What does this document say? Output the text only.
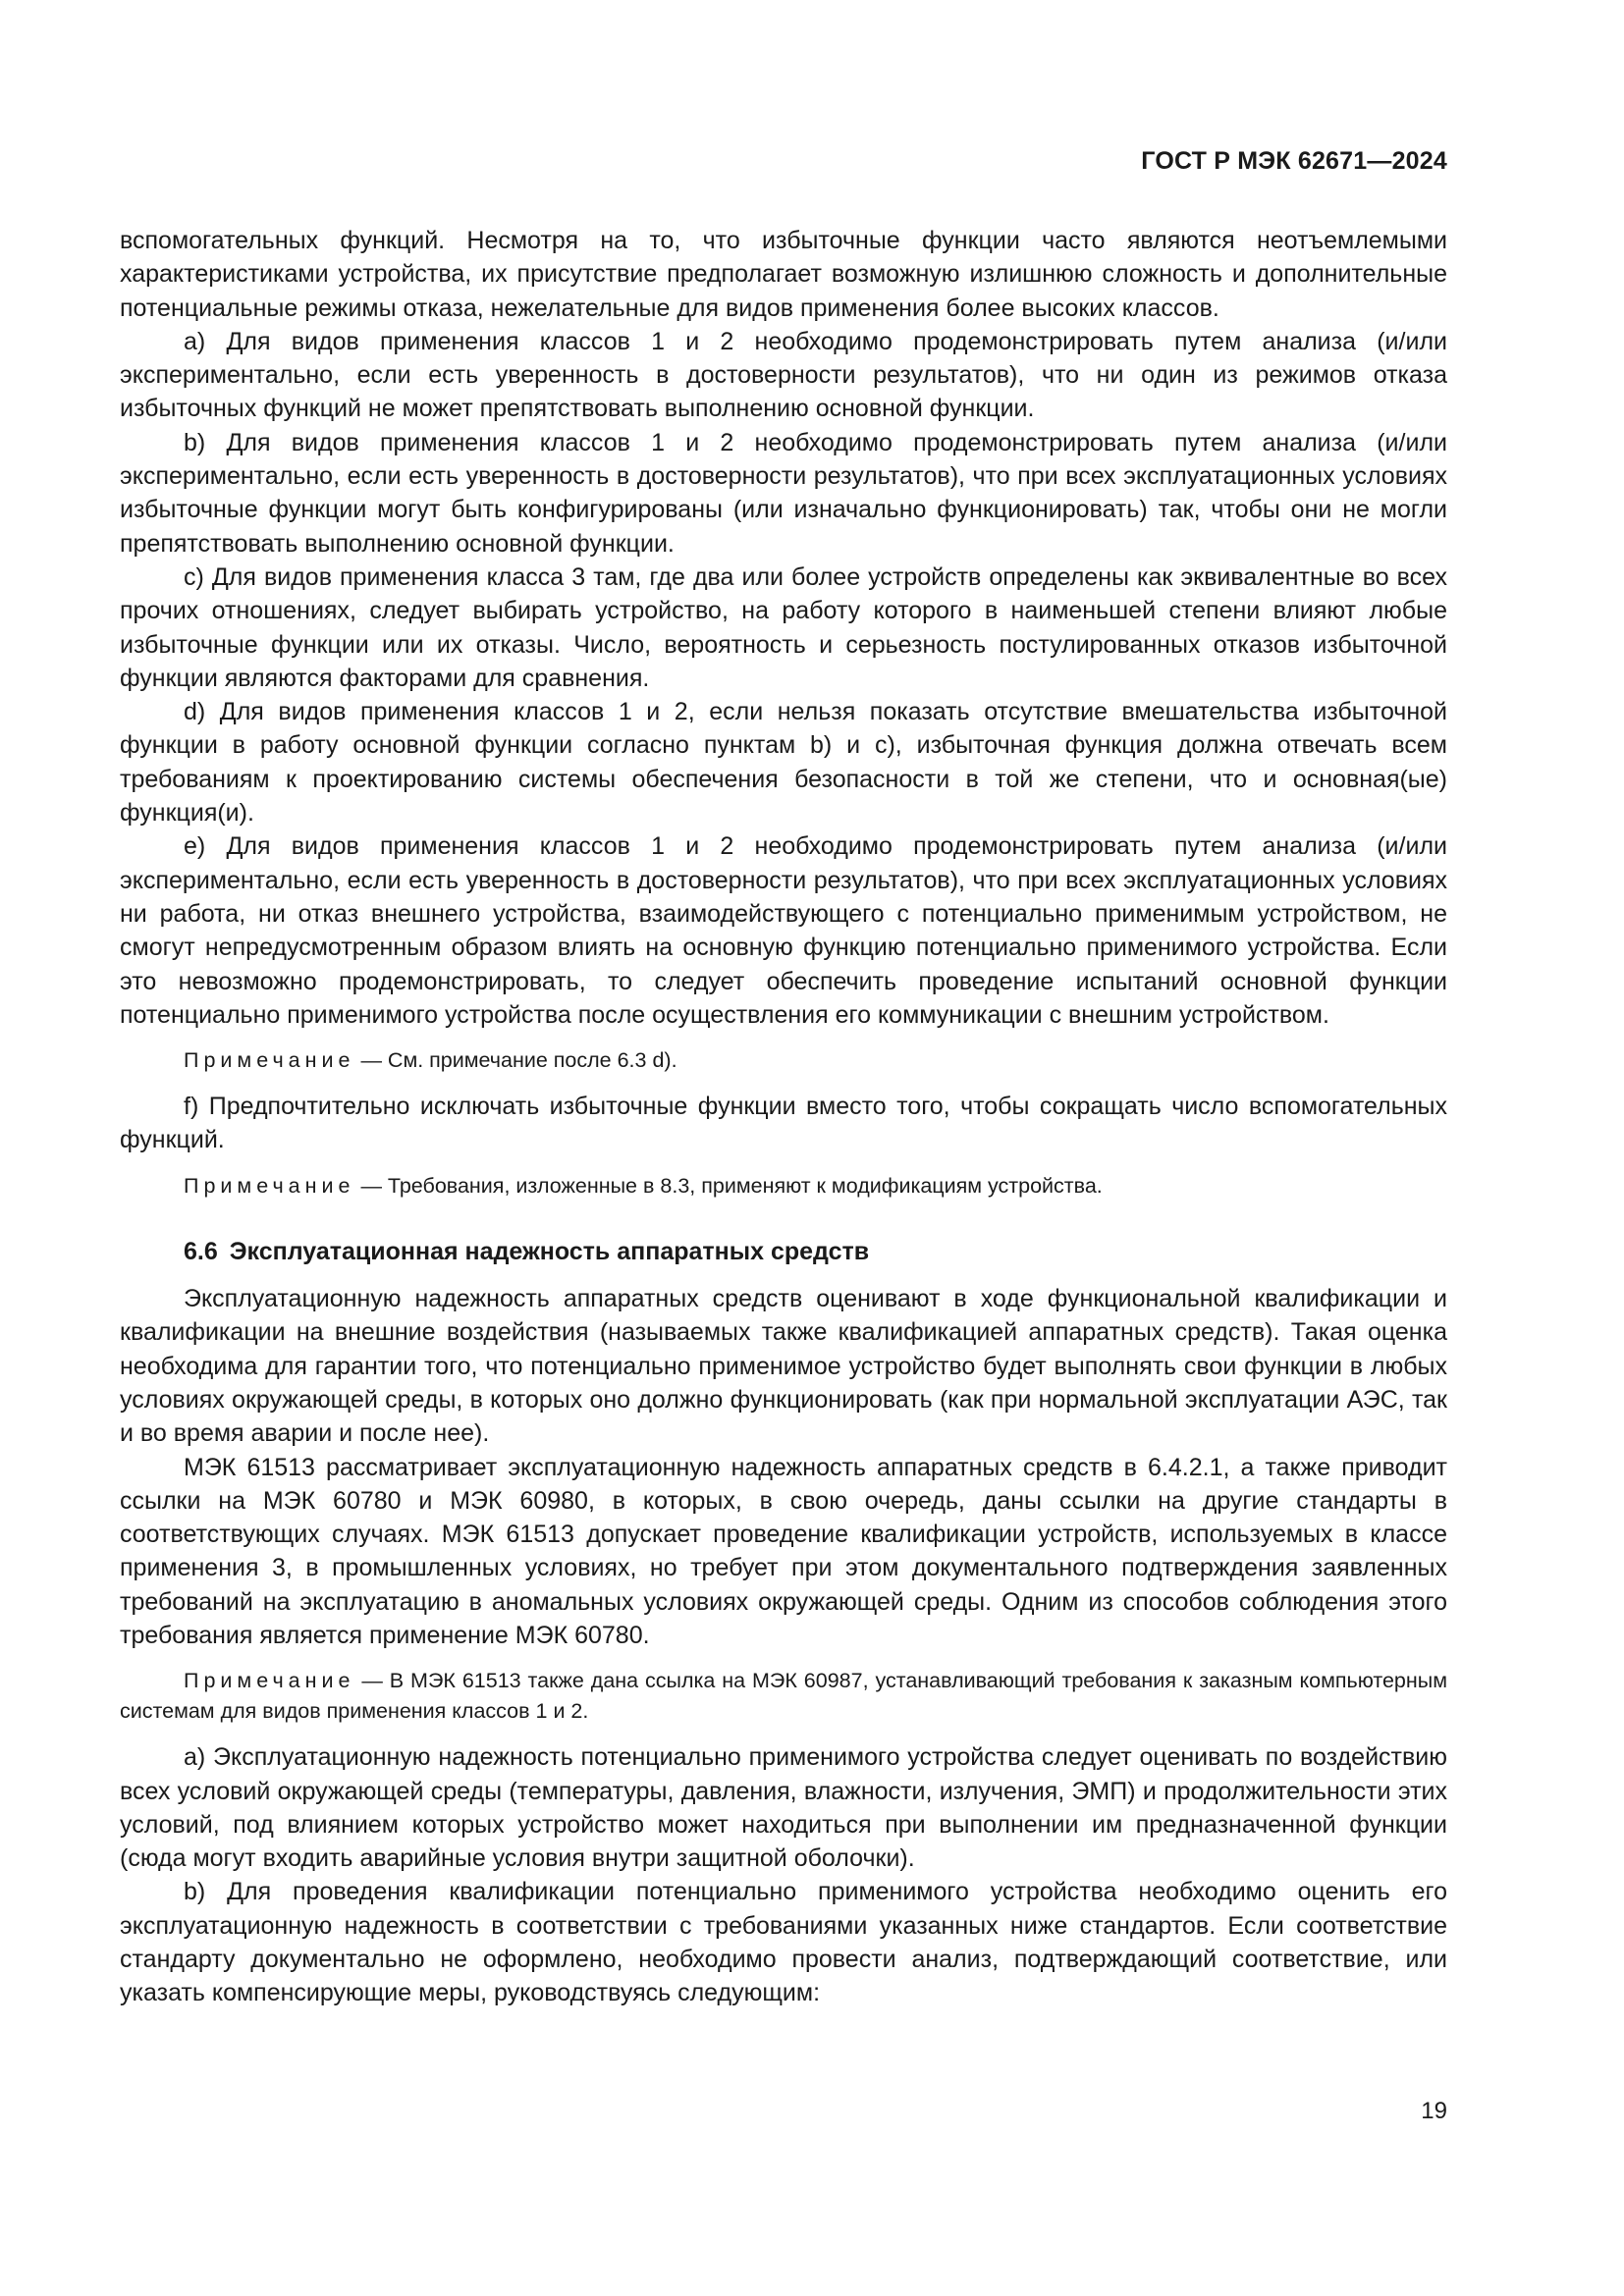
ГОСТ Р МЭК 62671—2024

вспомогательных функций. Несмотря на то, что избыточные функции часто являются неотъемлемыми характеристиками устройства, их присутствие предполагает возможную излишнюю сложность и дополнительные потенциальные режимы отказа, нежелательные для видов применения более высоких классов.

a) Для видов применения классов 1 и 2 необходимо продемонстрировать путем анализа (и/или экспериментально, если есть уверенность в достоверности результатов), что ни один из режимов отказа избыточных функций не может препятствовать выполнению основной функции.

b) Для видов применения классов 1 и 2 необходимо продемонстрировать путем анализа (и/или экспериментально, если есть уверенность в достоверности результатов), что при всех эксплуатационных условиях избыточные функции могут быть конфигурированы (или изначально функционировать) так, чтобы они не могли препятствовать выполнению основной функции.

c) Для видов применения класса 3 там, где два или более устройств определены как эквивалентные во всех прочих отношениях, следует выбирать устройство, на работу которого в наименьшей степени влияют любые избыточные функции или их отказы. Число, вероятность и серьезность постулированных отказов избыточной функции являются факторами для сравнения.

d) Для видов применения классов 1 и 2, если нельзя показать отсутствие вмешательства избыточной функции в работу основной функции согласно пунктам b) и c), избыточная функция должна отвечать всем требованиям к проектированию системы обеспечения безопасности в той же степени, что и основная(ые) функция(и).

e) Для видов применения классов 1 и 2 необходимо продемонстрировать путем анализа (и/или экспериментально, если есть уверенность в достоверности результатов), что при всех эксплуатационных условиях ни работа, ни отказ внешнего устройства, взаимодействующего с потенциально применимым устройством, не смогут непредусмотренным образом влиять на основную функцию потенциально применимого устройства. Если это невозможно продемонстрировать, то следует обеспечить проведение испытаний основной функции потенциально применимого устройства после осуществления его коммуникации с внешним устройством.

Примечание — См. примечание после 6.3 d).

f) Предпочтительно исключать избыточные функции вместо того, чтобы сокращать число вспомогательных функций.

Примечание — Требования, изложенные в 8.3, применяют к модификациям устройства.

6.6 Эксплуатационная надежность аппаратных средств

Эксплуатационную надежность аппаратных средств оценивают в ходе функциональной квалификации и квалификации на внешние воздействия (называемых также квалификацией аппаратных средств). Такая оценка необходима для гарантии того, что потенциально применимое устройство будет выполнять свои функции в любых условиях окружающей среды, в которых оно должно функционировать (как при нормальной эксплуатации АЭС, так и во время аварии и после нее).

МЭК 61513 рассматривает эксплуатационную надежность аппаратных средств в 6.4.2.1, а также приводит ссылки на МЭК 60780 и МЭК 60980, в которых, в свою очередь, даны ссылки на другие стандарты в соответствующих случаях. МЭК 61513 допускает проведение квалификации устройств, используемых в классе применения 3, в промышленных условиях, но требует при этом документального подтверждения заявленных требований на эксплуатацию в аномальных условиях окружающей среды. Одним из способов соблюдения этого требования является применение МЭК 60780.

Примечание — В МЭК 61513 также дана ссылка на МЭК 60987, устанавливающий требования к заказным компьютерным системам для видов применения классов 1 и 2.

a) Эксплуатационную надежность потенциально применимого устройства следует оценивать по воздействию всех условий окружающей среды (температуры, давления, влажности, излучения, ЭМП) и продолжительности этих условий, под влиянием которых устройство может находиться при выполнении им предназначенной функции (сюда могут входить аварийные условия внутри защитной оболочки).

b) Для проведения квалификации потенциально применимого устройства необходимо оценить его эксплуатационную надежность в соответствии с требованиями указанных ниже стандартов. Если соответствие стандарту документально не оформлено, необходимо провести анализ, подтверждающий соответствие, или указать компенсирующие меры, руководствуясь следующим:

19
